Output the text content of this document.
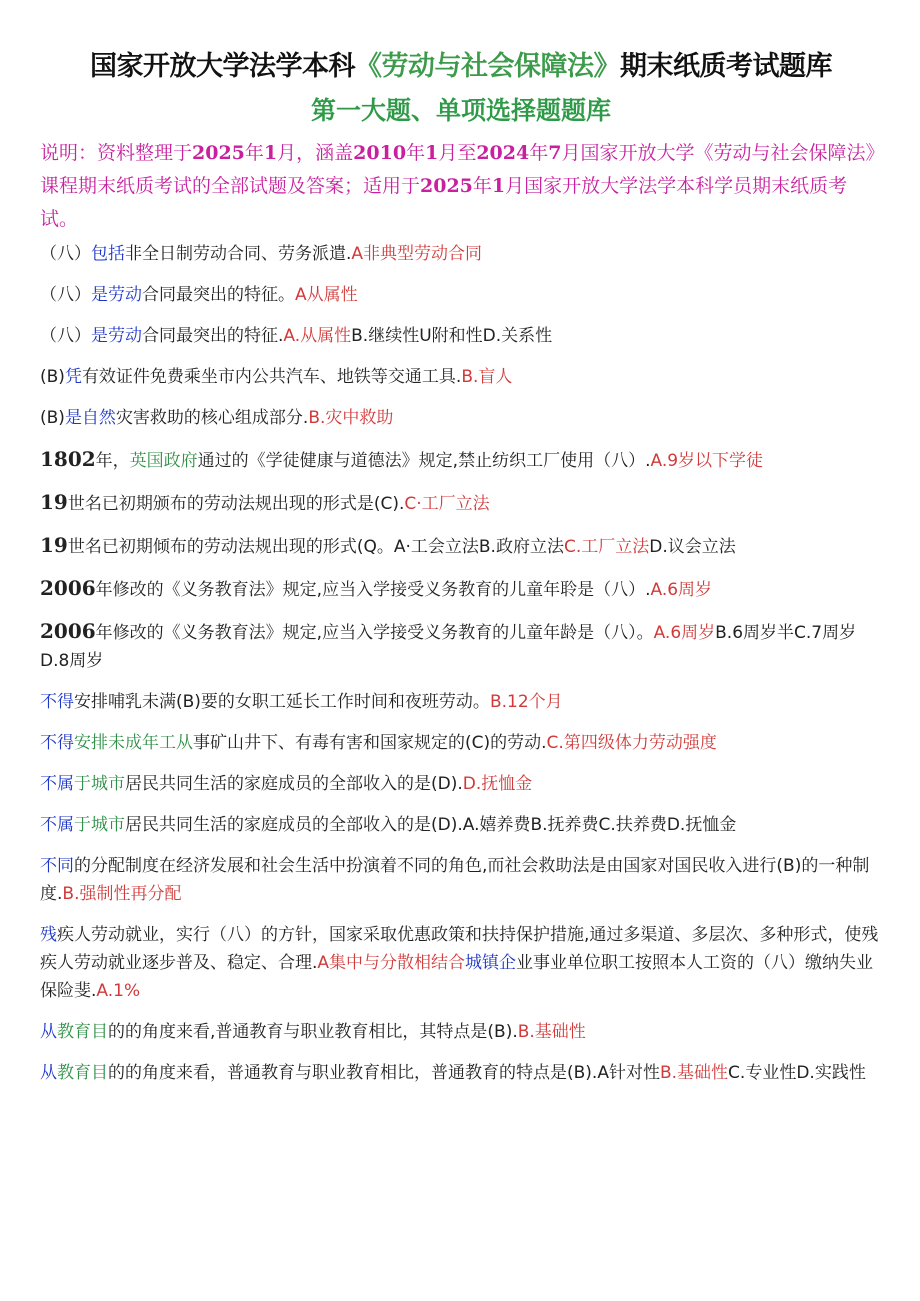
国家开放大学法学本科《劳动与社会保障法》期末纸质考试题库
第一大题、单项选择题题库

说明：资料整理于2025年1月，涵盖2010年1月至2024年7月国家开放大学《劳动与社会保障法》课程期末纸质考试的全部试题及答案；适用于2025年1月国家开放大学法学本科学员期末纸质考试。

（八）包括非全日制劳动合同、劳务派遣.A非典型劳动合同

（八）是劳动合同最突出的特征。A从属性

（八）是劳动合同最突出的特征.A.从属性B.继续性U附和性D.关系性

(B)凭有效证件免费乘坐市内公共汽车、地铁等交通工具.B.盲人

(B)是自然灾害救助的核心组成部分.B.灾中救助

1802年，英国政府通过的《学徒健康与道德法》规定,禁止纺织工厂使用（八）.A.9岁以下学徒

19世名已初期颁布的劳动法规出现的形式是(C).C·工厂立法

19世名已初期倾布的劳动法规出现的形式(Q。A·工会立法B.政府立法C.工厂立法D.议会立法

2006年修改的《义务教育法》规定,应当入学接受义务教育的儿童年聆是（八）.A.6周岁

2006年修改的《义务教育法》规定,应当入学接受义务教育的儿童年龄是（八）。A.6周岁B.6周岁半C.7周岁D.8周岁

不得安排哺乳未满(B)要的女职工延长工作时间和夜班劳动。B.12个月

不得安排未成年工从事矿山井下、有毒有害和国家规定的(C)的劳动.C.第四级体力劳动强度

不属于城市居民共同生活的家庭成员的全部收入的是(D).D.抚恤金

不属于城市居民共同生活的家庭成员的全部收入的是(D).A.嬉养费B.抚养费C.扶养费D.抚恤金

不同的分配制度在经济发展和社会生活中扮演着不同的角色,而社会救助法是由国家对国民收入进行(B)的一种制度.B.强制性再分配

残疾人劳动就业，实行（八）的方针，国家采取优惠政策和扶持保护措施,通过多渠道、多层次、多种形式，使残疾人劳动就业逐步普及、稳定、合理.A集中与分散相结合城镇企业事业单位职工按照本人工资的（八）缴纳失业保险斐.A.1%

从教育目的的角度来看,普通教育与职业教育相比，其特点是(B).B.基础性

从教育目的的角度来看，普通教育与职业教育相比，普通教育的特点是(B).A针对性B.基础性C.专业性D.实践性
